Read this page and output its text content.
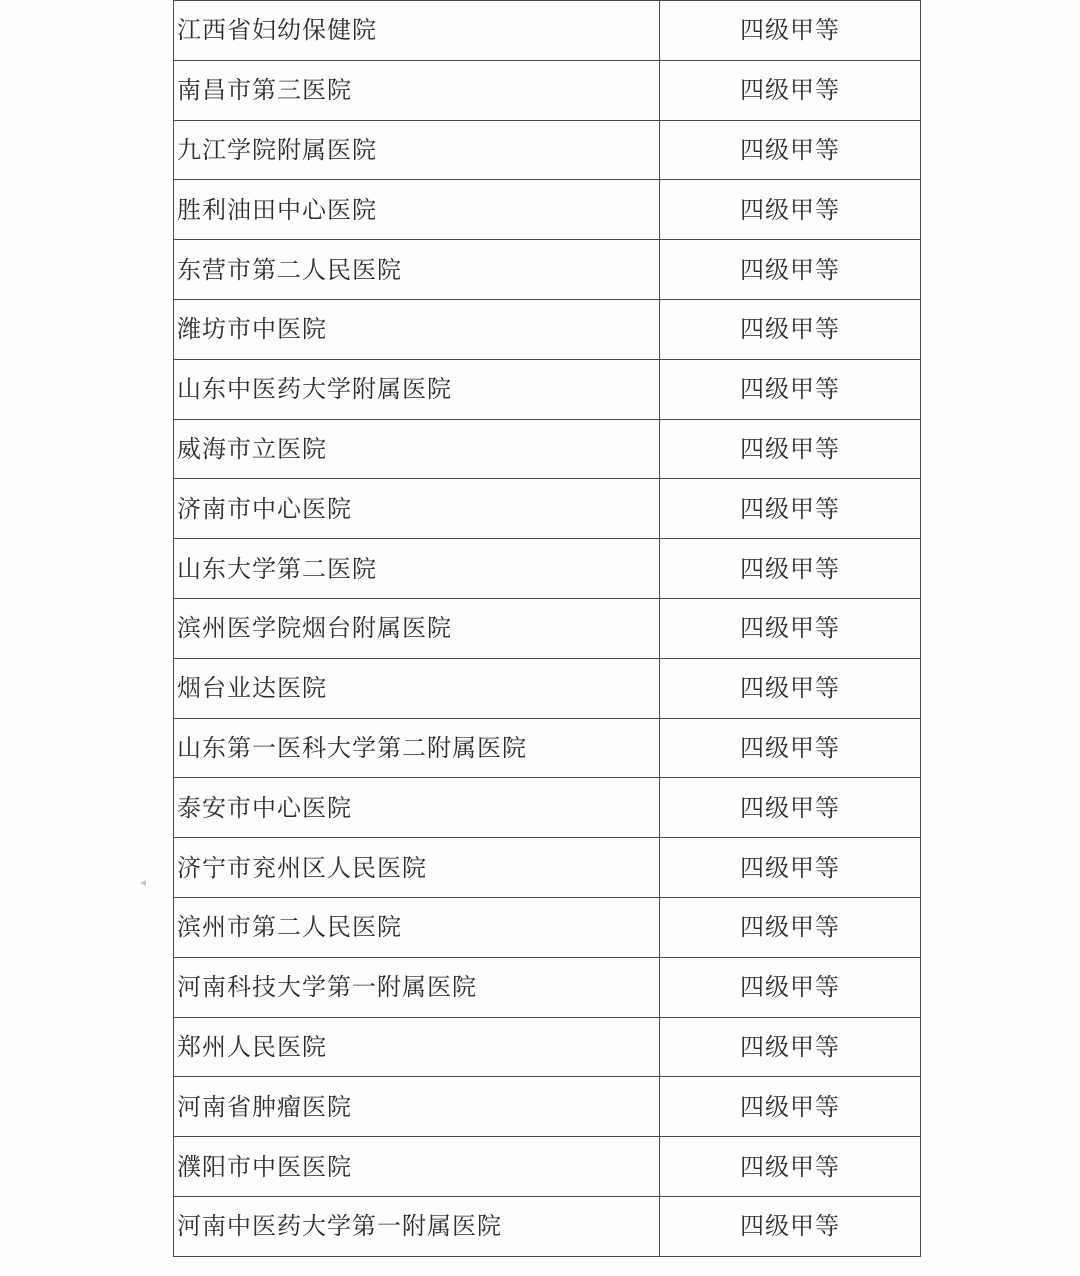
江西省妇幼保健院	四级甲等
南昌市第三医院	四级甲等
九江学院附属医院	四级甲等
胜利油田中心医院	四级甲等
东营市第二人民医院	四级甲等
潍坊市中医院	四级甲等
山东中医药大学附属医院	四级甲等
威海市立医院	四级甲等
济南市中心医院	四级甲等
山东大学第二医院	四级甲等
滨州医学院烟台附属医院	四级甲等
烟台业达医院	四级甲等
山东第一医科大学第二附属医院	四级甲等
泰安市中心医院	四级甲等
济宁市兖州区人民医院	四级甲等
滨州市第二人民医院	四级甲等
河南科技大学第一附属医院	四级甲等
郑州人民医院	四级甲等
河南省肿瘤医院	四级甲等
濮阳市中医医院	四级甲等
河南中医药大学第一附属医院	四级甲等
